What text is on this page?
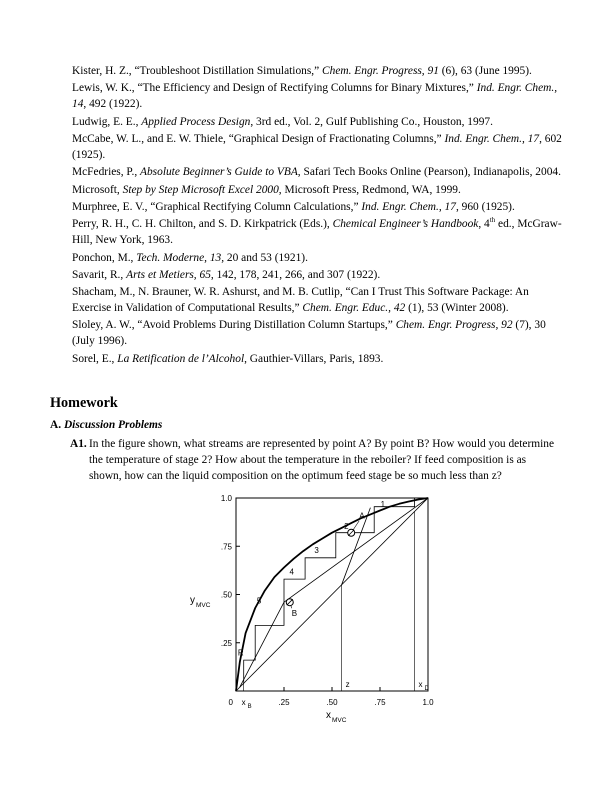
Kister, H. Z., “Troubleshoot Distillation Simulations,” Chem. Engr. Progress, 91 (6), 63 (June 1995).

Lewis, W. K., “The Efficiency and Design of Rectifying Columns for Binary Mixtures,” Ind. Engr. Chem., 14, 492 (1922).

Ludwig, E. E., Applied Process Design, 3rd ed., Vol. 2, Gulf Publishing Co., Houston, 1997.

McCabe, W. L., and E. W. Thiele, “Graphical Design of Fractionating Columns,” Ind. Engr. Chem., 17, 602 (1925).

McFedries, P., Absolute Beginner’s Guide to VBA, Safari Tech Books Online (Pearson), Indianapolis, 2004.

Microsoft, Step by Step Microsoft Excel 2000, Microsoft Press, Redmond, WA, 1999.

Murphree, E. V., “Graphical Rectifying Column Calculations,” Ind. Engr. Chem., 17, 960 (1925).

Perry, R. H., C. H. Chilton, and S. D. Kirkpatrick (Eds.), Chemical Engineer’s Handbook, 4th ed., McGraw-Hill, New York, 1963.

Ponchon, M., Tech. Moderne, 13, 20 and 53 (1921).

Savarit, R., Arts et Metiers, 65, 142, 178, 241, 266, and 307 (1922).

Shacham, M., N. Brauner, W. R. Ashurst, and M. B. Cutlip, “Can I Trust This Software Package: An Exercise in Validation of Computational Results,” Chem. Engr. Educ., 42 (1), 53 (Winter 2008).

Sloley, A. W., “Avoid Problems During Distillation Column Startups,” Chem. Engr. Progress, 92 (7), 30 (July 1996).

Sorel, E., La Retification de l’Alcohol, Gauthier-Villars, Paris, 1893.

Homework

A. Discussion Problems

A1. In the figure shown, what streams are represented by point A? By point B? How would you determine the temperature of stage 2? How about the temperature in the reboiler? If feed composition is as shown, how can the liquid composition on the optimum feed stage be so much less than z?

.25
.50
.75
1.0
0	.25	.50	.75	1.0
x B
z	x D
A
B
1
2
3
4
5
R
y MVC
x MVC
